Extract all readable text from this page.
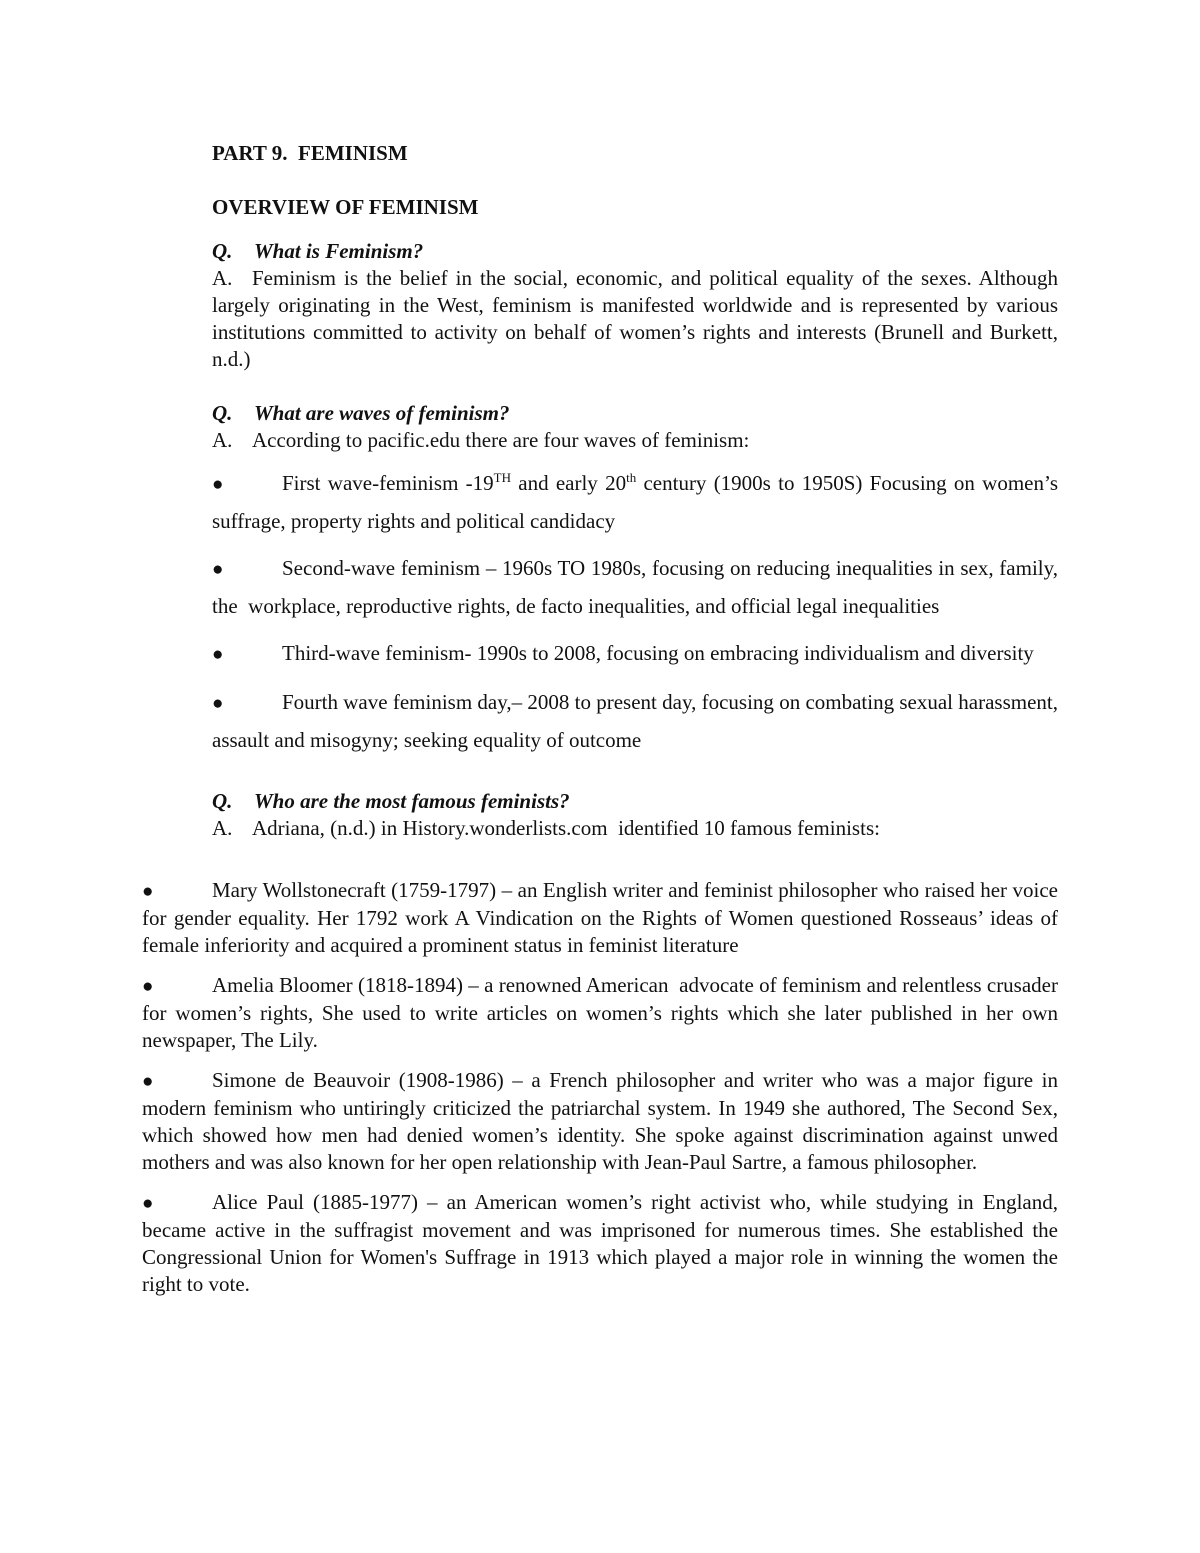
PART 9.  FEMINISM

OVERVIEW OF FEMINISM

Q. What is Feminism?

A. Feminism is the belief in the social, economic, and political equality of the sexes. Although largely originating in the West, feminism is manifested worldwide and is represented by various institutions committed to activity on behalf of women’s rights and interests (Brunell and Burkett, n.d.)

Q. What are waves of feminism?

A. According to pacific.edu there are four waves of feminism:

●	First wave-feminism -19TH and early 20th century (1900s to 1950S) Focusing on women’s suffrage, property rights and political candidacy

●	Second-wave feminism – 1960s TO 1980s, focusing on reducing inequalities in sex, family, the  workplace, reproductive rights, de facto inequalities, and official legal inequalities

●	Third-wave feminism- 1990s to 2008, focusing on embracing individualism and diversity

●	Fourth wave feminism day,– 2008 to present day, focusing on combating sexual harassment, assault and misogyny; seeking equality of outcome

Q. Who are the most famous feminists?

A. Adriana, (n.d.) in History.wonderlists.com  identified 10 famous feminists:

●	Mary Wollstonecraft (1759-1797) – an English writer and feminist philosopher who raised her voice for gender equality. Her 1792 work A Vindication on the Rights of Women questioned Rosseaus’ ideas of female inferiority and acquired a prominent status in feminist literature

●	Amelia Bloomer (1818-1894) – a renowned American  advocate of feminism and relentless crusader for women’s rights, She used to write articles on women’s rights which she later published in her own newspaper, The Lily.

●	Simone de Beauvoir (1908-1986) – a French philosopher and writer who was a major figure in modern feminism who untiringly criticized the patriarchal system. In 1949 she authored, The Second Sex, which showed how men had denied women’s identity. She spoke against discrimination against unwed mothers and was also known for her open relationship with Jean-Paul Sartre, a famous philosopher.

●	Alice Paul (1885-1977) – an American women’s right activist who, while studying in England, became active in the suffragist movement and was imprisoned for numerous times. She established the Congressional Union for Women's Suffrage in 1913 which played a major role in winning the women the right to vote.
